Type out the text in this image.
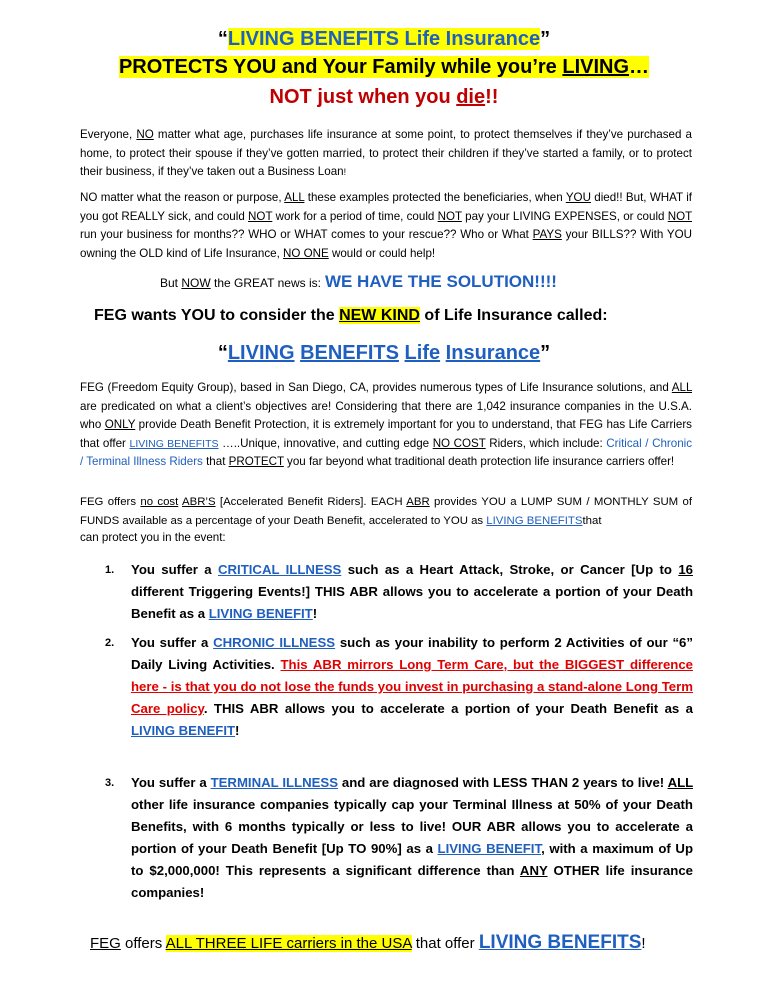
“LIVING BENEFITS Life Insurance”
PROTECTS YOU and Your Family while you’re LIVING…
NOT just when you die!!
Everyone, NO matter what age, purchases life insurance at some point, to protect themselves if they’ve purchased a home, to protect their spouse if they’ve gotten married, to protect their children if they’ve started a family, or to protect their business, if they’ve taken out a Business Loan!
NO matter what the reason or purpose, ALL these examples protected the beneficiaries, when YOU died!! But, WHAT if you got REALLY sick, and could NOT work for a period of time, could NOT pay your LIVING EXPENSES, or could NOT run your business for months?? WHO or WHAT comes to your rescue?? Who or What PAYS your BILLS?? With YOU owning the OLD kind of Life Insurance, NO ONE would or could help!
But NOW the GREAT news is: WE HAVE THE SOLUTION!!!!
FEG wants YOU to consider the NEW KIND of Life Insurance called:
“LIVING BENEFITS Life Insurance”
FEG (Freedom Equity Group), based in San Diego, CA, provides numerous types of Life Insurance solutions, and ALL are predicated on what a client’s objectives are! Considering that there are 1,042 insurance companies in the U.S.A. who ONLY provide Death Benefit Protection, it is extremely important for you to understand, that FEG has Life Carriers that offer LIVING BENEFITS …..Unique, innovative, and cutting edge NO COST Riders, which include: Critical / Chronic / Terminal Illness Riders that PROTECT you far beyond what traditional death protection life insurance carriers offer!
FEG offers no cost ABR’S [Accelerated Benefit Riders]. EACH ABR provides YOU a LUMP SUM / MONTHLY SUM of FUNDS available as a percentage of your Death Benefit, accelerated to YOU as LIVING BENEFITSthat
can protect you in the event:
1. You suffer a CRITICAL ILLNESS such as a Heart Attack, Stroke, or Cancer [Up to 16 different Triggering Events!] THIS ABR allows you to accelerate a portion of your Death Benefit as a LIVING BENEFIT!
2. You suffer a CHRONIC ILLNESS such as your inability to perform 2 Activities of our “6” Daily Living Activities. This ABR mirrors Long Term Care, but the BIGGEST difference here - is that you do not lose the funds you invest in purchasing a stand-alone Long Term Care policy. THIS ABR allows you to accelerate a portion of your Death Benefit as a LIVING BENEFIT!
3. You suffer a TERMINAL ILLNESS and are diagnosed with LESS THAN 2 years to live! ALL other life insurance companies typically cap your Terminal Illness at 50% of your Death Benefits, with 6 months typically or less to live! OUR ABR allows you to accelerate a portion of your Death Benefit [Up TO 90%] as a LIVING BENEFIT, with a maximum of Up to $2,000,000! This represents a significant difference than ANY OTHER life insurance companies!
FEG offers ALL THREE LIFE carriers in the USA that offer LIVING BENEFITS!
